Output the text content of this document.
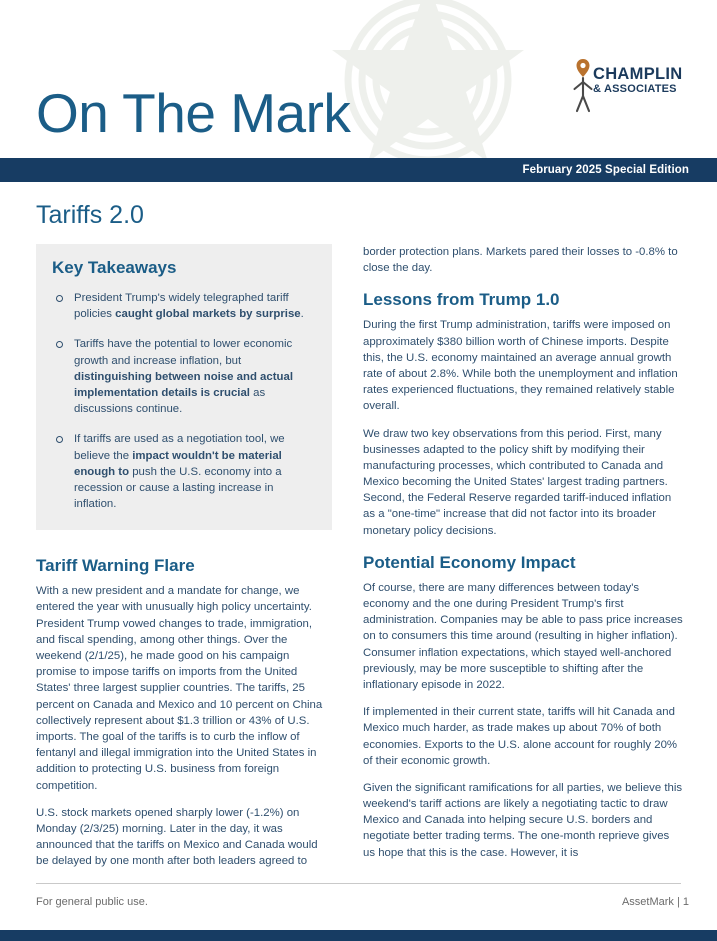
On The Mark
CHAMPLIN
& ASSOCIATES
February 2025 Special Edition
Tariffs 2.0
Key Takeaways
President Trump's widely telegraphed tariff policies caught global markets by surprise.
Tariffs have the potential to lower economic growth and increase inflation, but distinguishing between noise and actual implementation details is crucial as discussions continue.
If tariffs are used as a negotiation tool, we believe the impact wouldn't be material enough to push the U.S. economy into a recession or cause a lasting increase in inflation.
Tariff Warning Flare

With a new president and a mandate for change, we entered the year with unusually high policy uncertainty. President Trump vowed changes to trade, immigration, and fiscal spending, among other things. Over the weekend (2/1/25), he made good on his campaign promise to impose tariffs on imports from the United States' three largest supplier countries. The tariffs, 25 percent on Canada and Mexico and 10 percent on China collectively represent about $1.3 trillion or 43% of U.S. imports. The goal of the tariffs is to curb the inflow of fentanyl and illegal immigration into the United States in addition to protecting U.S. business from foreign competition.

U.S. stock markets opened sharply lower (-1.2%) on Monday (2/3/25) morning. Later in the day, it was announced that the tariffs on Mexico and Canada would be delayed by one month after both leaders agreed to

border protection plans. Markets pared their losses to -0.8% to close the day.

Lessons from Trump 1.0

During the first Trump administration, tariffs were imposed on approximately $380 billion worth of Chinese imports. Despite this, the U.S. economy maintained an average annual growth rate of about 2.8%. While both the unemployment and inflation rates experienced fluctuations, they remained relatively stable overall.

We draw two key observations from this period. First, many businesses adapted to the policy shift by modifying their manufacturing processes, which contributed to Canada and Mexico becoming the United States' largest trading partners. Second, the Federal Reserve regarded tariff-induced inflation as a "one-time" increase that did not factor into its broader monetary policy decisions.

Potential Economy Impact

Of course, there are many differences between today's economy and the one during President Trump's first administration. Companies may be able to pass price increases on to consumers this time around (resulting in higher inflation). Consumer inflation expectations, which stayed well-anchored previously, may be more susceptible to shifting after the inflationary episode in 2022.

If implemented in their current state, tariffs will hit Canada and Mexico much harder, as trade makes up about 70% of both economies. Exports to the U.S. alone account for roughly 20% of their economic growth.

Given the significant ramifications for all parties, we believe this weekend's tariff actions are likely a negotiating tactic to draw Mexico and Canada into helping secure U.S. borders and negotiate better trading terms. The one-month reprieve gives us hope that this is the case. However, it is

For general public use.	AssetMark | 1
